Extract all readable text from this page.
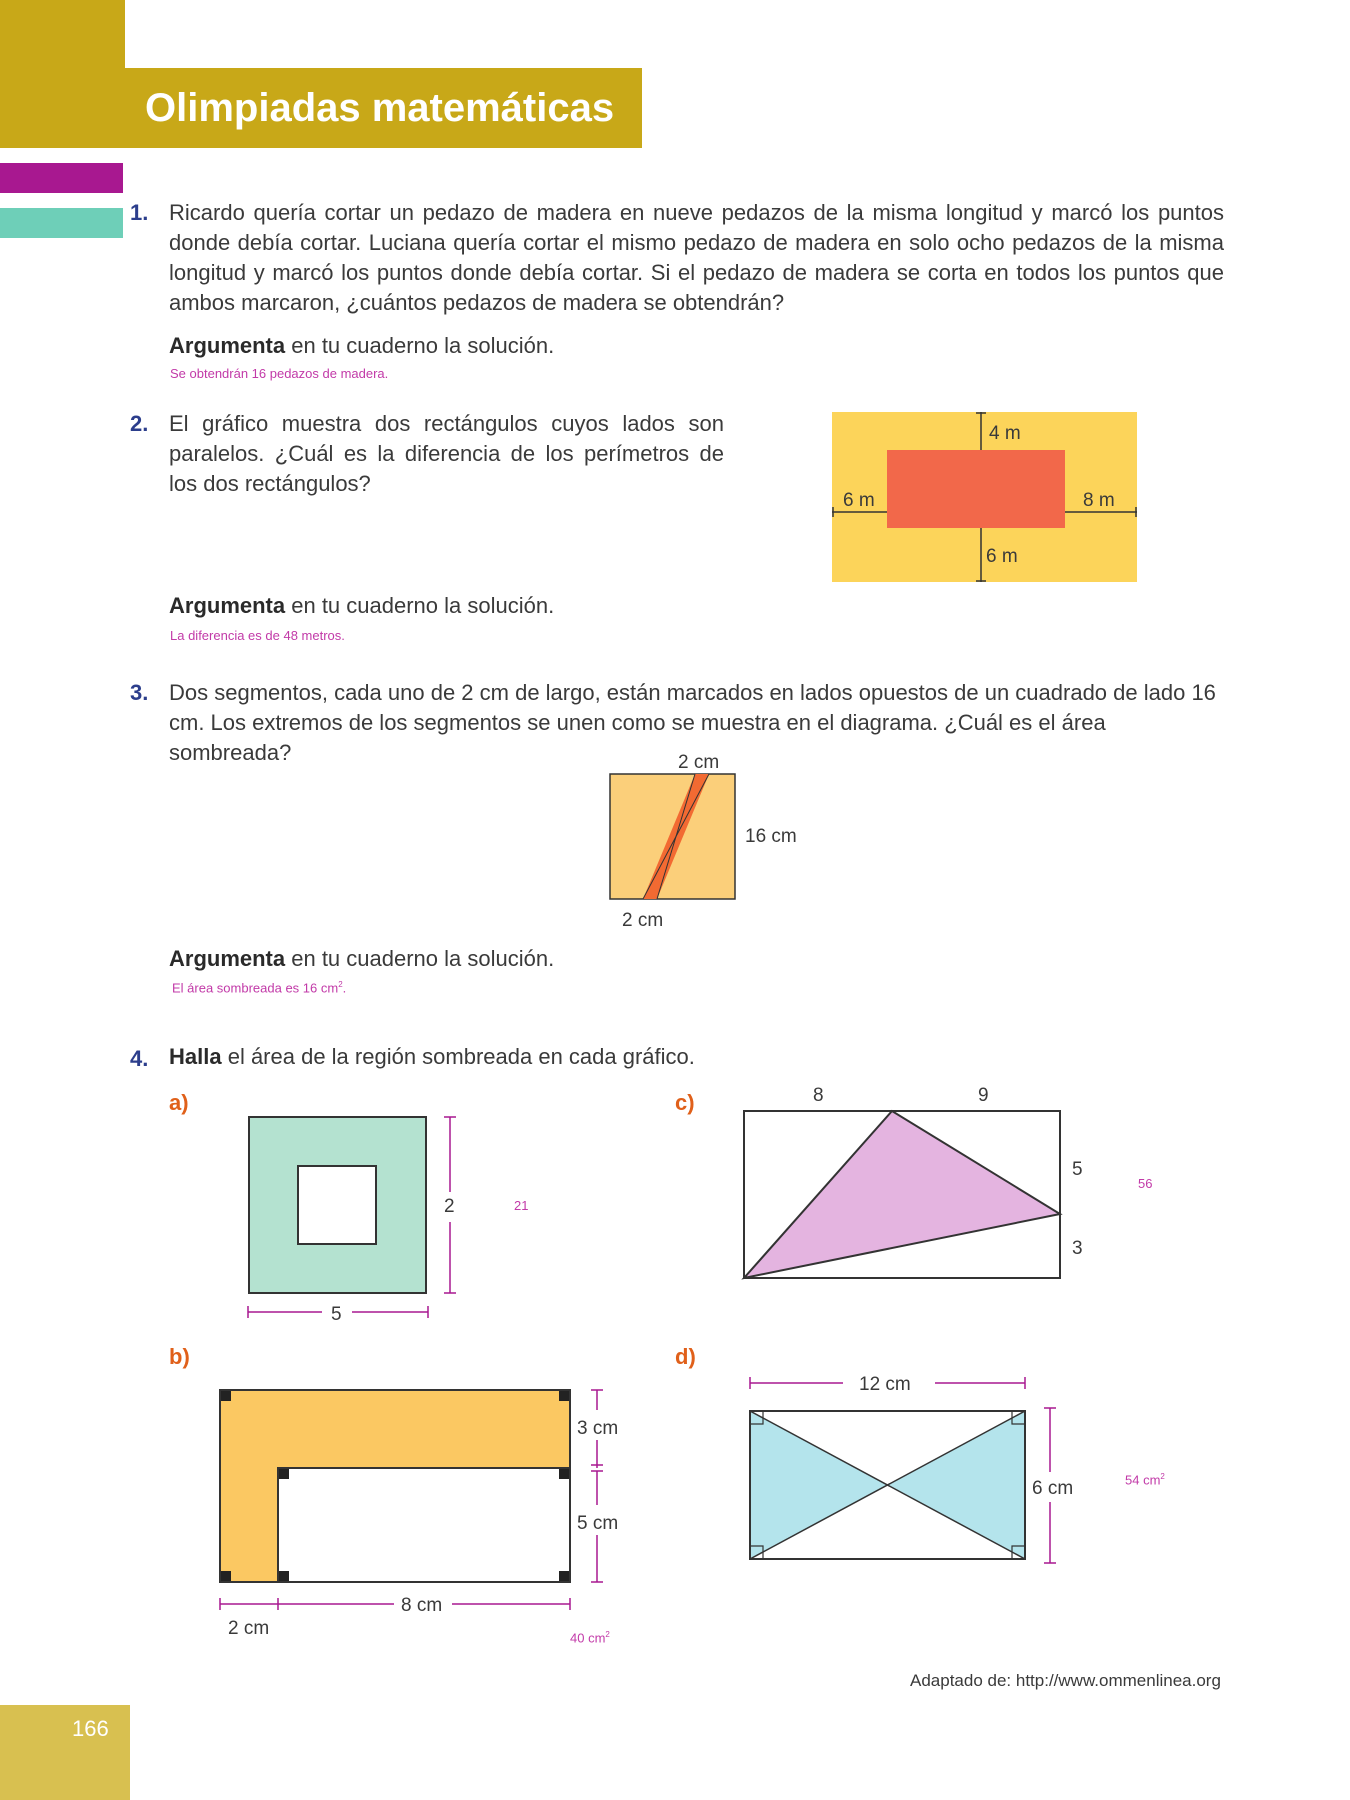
Olimpiadas matemáticas
1. Ricardo quería cortar un pedazo de madera en nueve pedazos de la misma longitud y marcó los puntos donde debía cortar. Luciana quería cortar el mismo pedazo de madera en solo ocho pedazos de la misma longitud y marcó los puntos donde debía cortar. Si el pedazo de madera se corta en todos los puntos que ambos marcaron, ¿cuántos pedazos de madera se obtendrán?
Argumenta en tu cuaderno la solución.
Se obtendrán 16 pedazos de madera.
2. El gráfico muestra dos rectángulos cuyos lados son paralelos. ¿Cuál es la diferencia de los perímetros de los dos rectángulos?
Argumenta en tu cuaderno la solución.
La diferencia es de 48 metros.
4 m
6 m	8 m
6 m
3. Dos segmentos, cada uno de 2 cm de largo, están marcados en lados opuestos de un cuadrado de lado 16 cm. Los extremos de los segmentos se unen como se muestra en el diagrama. ¿Cuál es el área sombreada?	2 cm
16 cm
2 cm
Argumenta en tu cuaderno la solución.
El área sombreada es 16 $cm^2$.
4. Halla el área de la región sombreada en cada gráfico.
a)
2
5
21
c)	8	9
5
3
56
b)
3 cm
5 cm
2 cm
8 cm
40 $cm^2$
d)
12 cm
6 cm	54 $cm^2$
Adaptado de: http://www.ommenlinea.org
166
